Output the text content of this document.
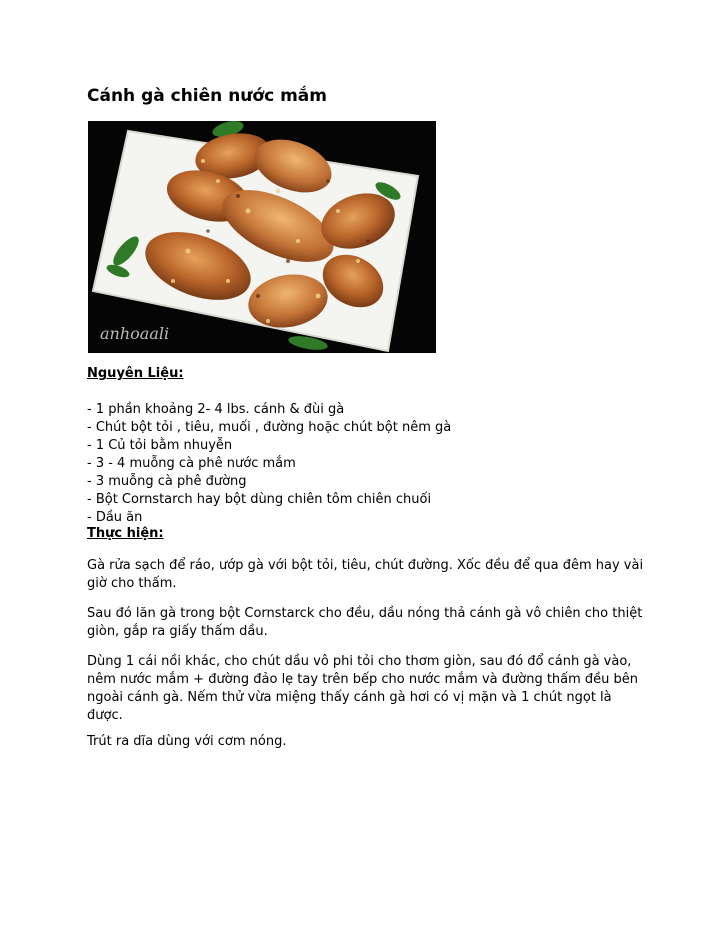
Cánh gà chiên nước mắm
anhoaali
Nguyên Liệu:
- 1 phần khoảng 2- 4 lbs. cánh & đùi gà
- Chút bột tỏi , tiêu, muối , đường hoặc chút bột nêm gà
- 1 Củ tỏi bằm nhuyễn
- 3 - 4 muỗng cà phê nước mắm
- 3 muỗng cà phê đường
- Bột Cornstarch hay bột dùng chiên tôm chiên chuối
- Dầu ăn
Thực hiện:

Gà rửa sạch để ráo, ướp gà với bột tỏi, tiêu, chút đường. Xốc đều để qua đêm hay vài giờ cho thấm.

Sau đó lăn gà trong bột Cornstarck cho đều, dầu nóng thả cánh gà vô chiên cho thiệt giòn, gắp ra giấy thấm dầu.

Dùng 1 cái nồi khác, cho chút dầu vô phi tỏi cho thơm giòn, sau đó đổ cánh gà vào, nêm nước mắm + đường đảo lẹ tay trên bếp cho nước mắm và đường thấm đều bên ngoài cánh gà. Nếm thử vừa miệng thấy cánh gà hơi có vị mặn và 1 chút ngọt là được.

Trút ra dĩa dùng với cơm nóng.
